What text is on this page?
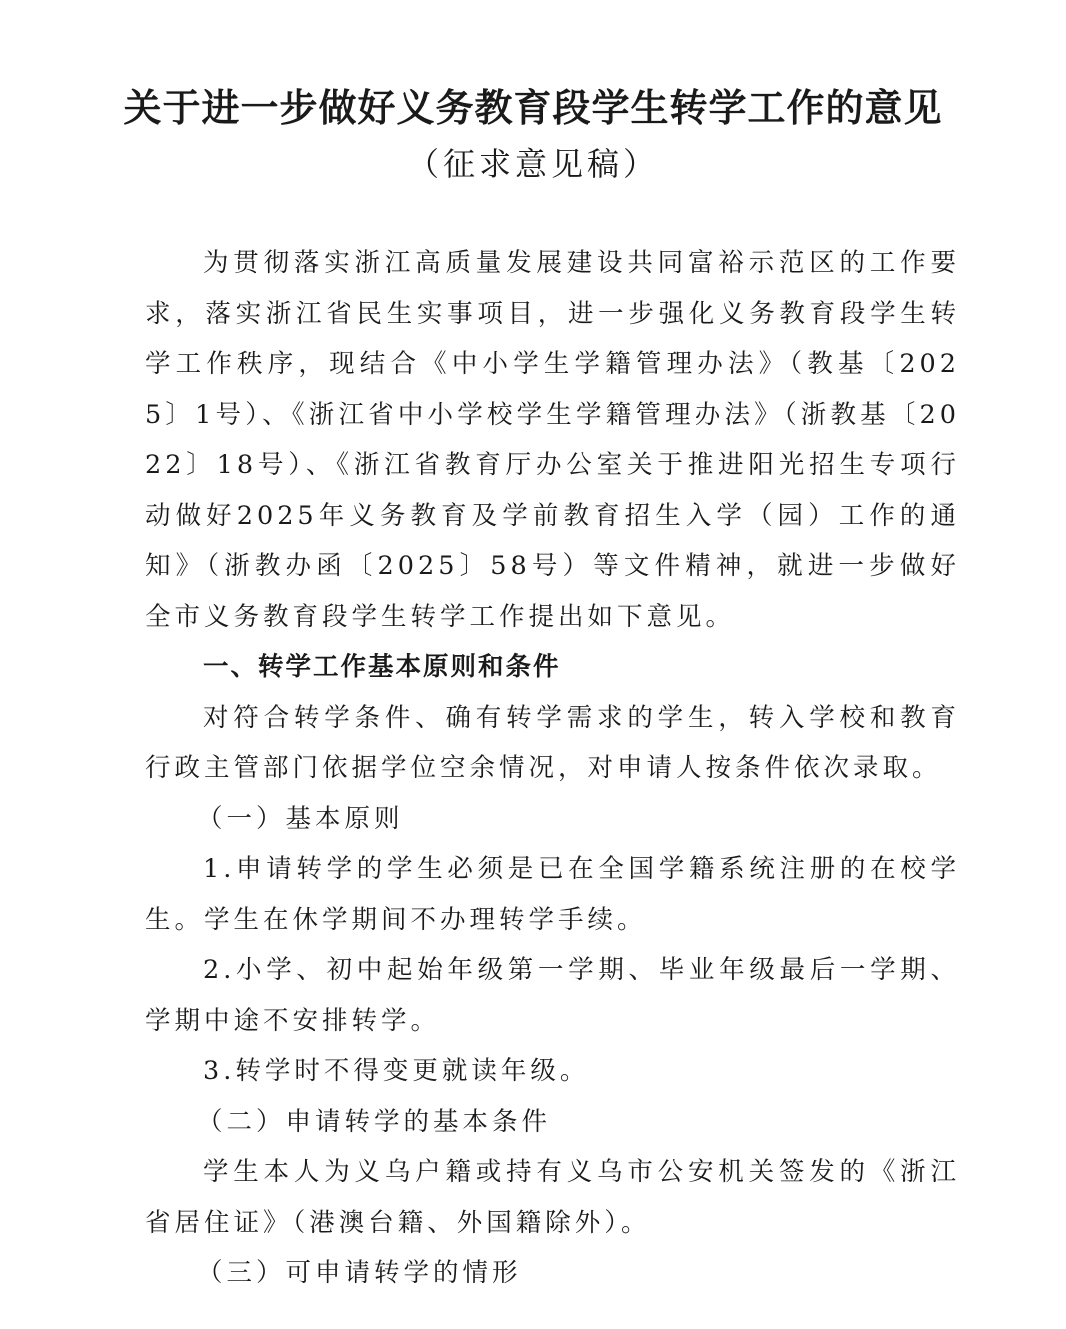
关于进一步做好义务教育段学生转学工作的意见
（征求意见稿）

为贯彻落实浙江高质量发展建设共同富裕示范区的工作要求，落实浙江省民生实事项目，进一步强化义务教育段学生转学工作秩序，现结合《中小学生学籍管理办法》（教基〔2025〕1号）、《浙江省中小学校学生学籍管理办法》（浙教基〔2022〕18号）、《浙江省教育厅办公室关于推进阳光招生专项行动做好2025年义务教育及学前教育招生入学（园）工作的通知》（浙教办函〔2025〕58号）等文件精神，就进一步做好全市义务教育段学生转学工作提出如下意见。

一、转学工作基本原则和条件

对符合转学条件、确有转学需求的学生，转入学校和教育行政主管部门依据学位空余情况，对申请人按条件依次录取。

（一）基本原则

1.申请转学的学生必须是已在全国学籍系统注册的在校学生。学生在休学期间不办理转学手续。

2.小学、初中起始年级第一学期、毕业年级最后一学期、学期中途不安排转学。

3.转学时不得变更就读年级。

（二）申请转学的基本条件

学生本人为义乌户籍或持有义乌市公安机关签发的《浙江省居住证》（港澳台籍、外国籍除外）。

（三）可申请转学的情形
